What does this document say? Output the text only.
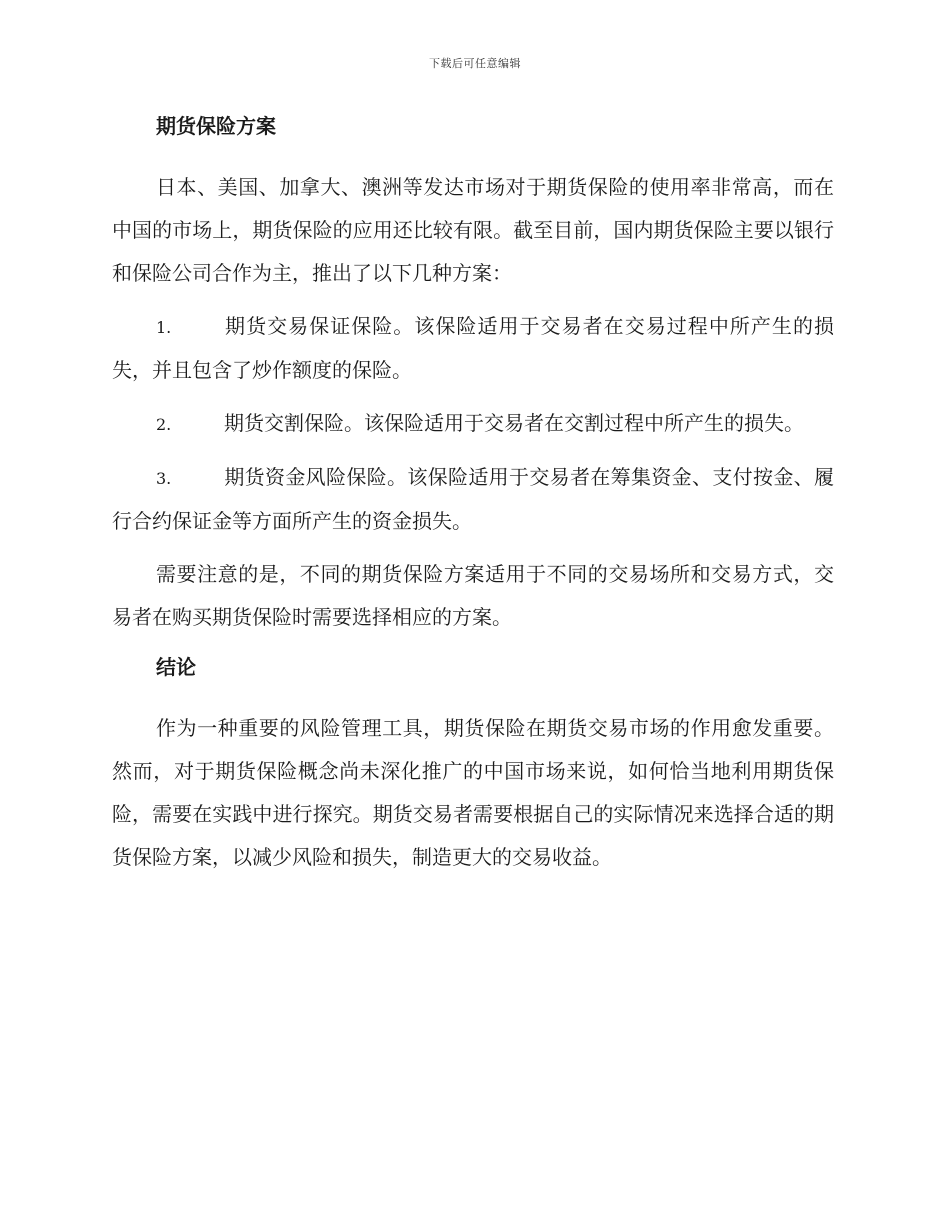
下载后可任意编辑
期货保险方案

日本、美国、加拿大、澳洲等发达市场对于期货保险的使用率非常高，而在中国的市场上，期货保险的应用还比较有限。截至目前，国内期货保险主要以银行和保险公司合作为主，推出了以下几种方案：

1.	期货交易保证保险。该保险适用于交易者在交易过程中所产生的损失，并且包含了炒作额度的保险。

2.	期货交割保险。该保险适用于交易者在交割过程中所产生的损失。

3.	期货资金风险保险。该保险适用于交易者在筹集资金、支付按金、履行合约保证金等方面所产生的资金损失。

需要注意的是，不同的期货保险方案适用于不同的交易场所和交易方式，交易者在购买期货保险时需要选择相应的方案。

结论

作为一种重要的风险管理工具，期货保险在期货交易市场的作用愈发重要。然而，对于期货保险概念尚未深化推广的中国市场来说，如何恰当地利用期货保险，需要在实践中进行探究。期货交易者需要根据自己的实际情况来选择合适的期货保险方案，以减少风险和损失，制造更大的交易收益。
